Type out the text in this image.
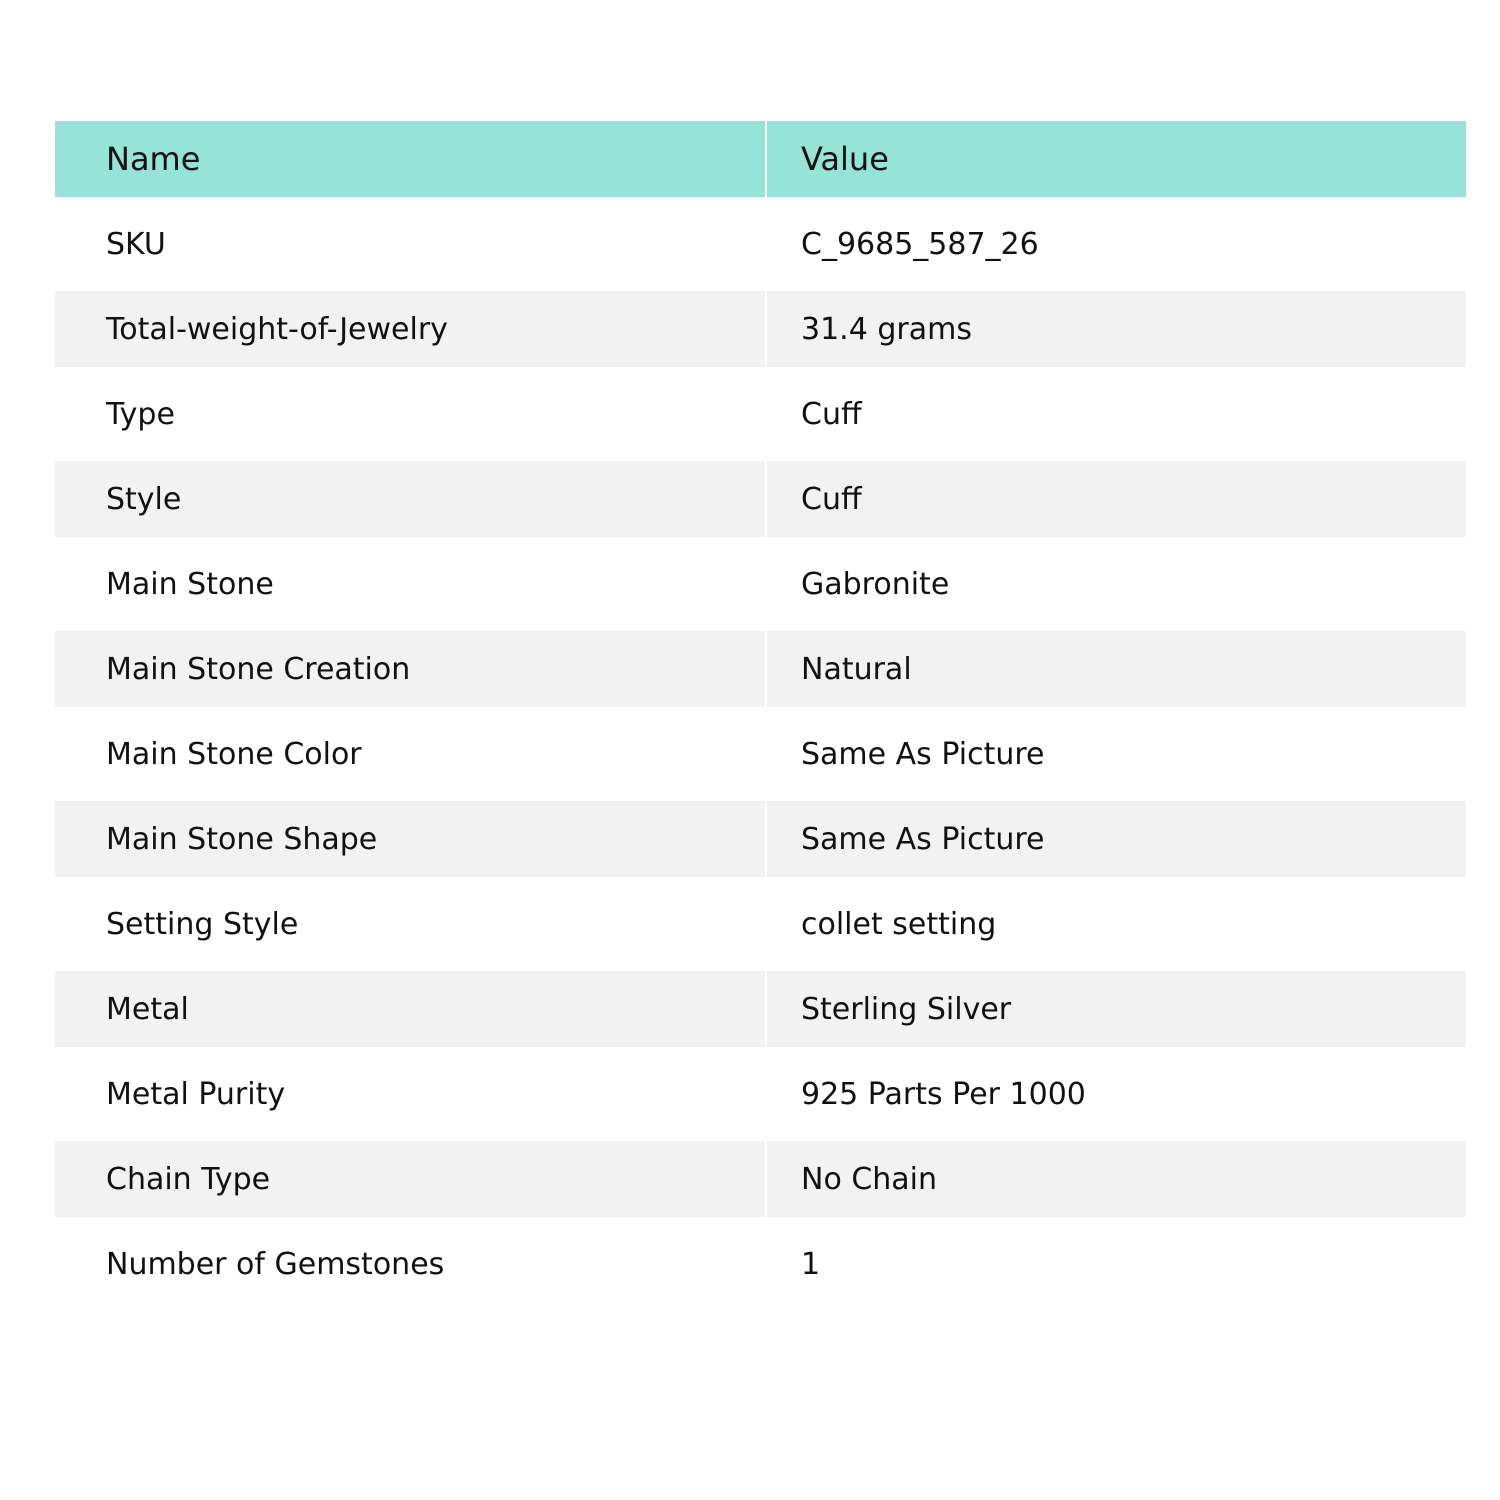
Name	Value
SKU	C_9685_587_26
Total-weight-of-Jewelry	31.4 grams
Type	Cuff
Style	Cuff
Main Stone	Gabronite
Main Stone Creation	Natural
Main Stone Color	Same As Picture
Main Stone Shape	Same As Picture
Setting Style	collet setting
Metal	Sterling Silver
Metal Purity	925 Parts Per 1000
Chain Type	No Chain
Number of Gemstones	1
